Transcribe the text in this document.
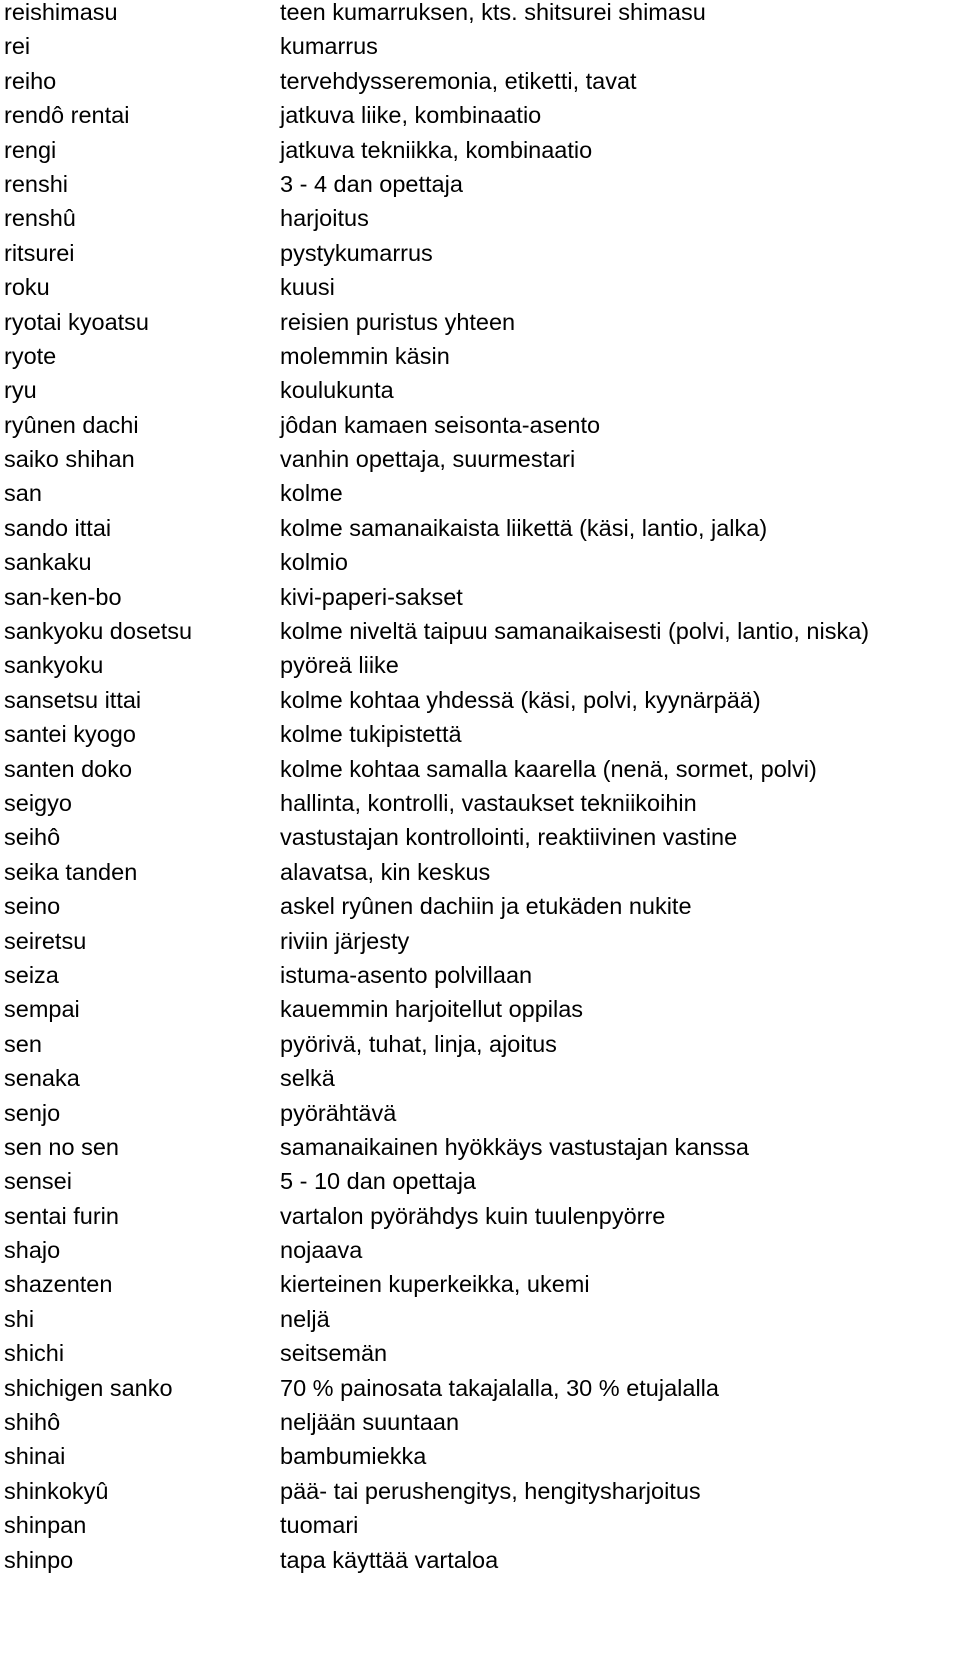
reishimasu	teen kumarruksen, kts. shitsurei shimasu
rei	kumarrus
reiho	tervehdysseremonia, etiketti, tavat
rendô rentai	jatkuva liike, kombinaatio
rengi	jatkuva tekniikka, kombinaatio
renshi	3 - 4 dan opettaja
renshû	harjoitus
ritsurei	pystykumarrus
roku	kuusi
ryotai kyoatsu	reisien puristus yhteen
ryote	molemmin käsin
ryu	koulukunta
ryûnen dachi	jôdan kamaen seisonta-asento
saiko shihan	vanhin opettaja, suurmestari
san	kolme
sando ittai	kolme samanaikaista liikettä (käsi, lantio, jalka)
sankaku	kolmio
san-ken-bo	kivi-paperi-sakset
sankyoku dosetsu	kolme niveltä taipuu samanaikaisesti (polvi, lantio, niska)
sankyoku	pyöreä liike
sansetsu ittai	kolme kohtaa yhdessä (käsi, polvi, kyynärpää)
santei kyogo	kolme tukipistettä
santen doko	kolme kohtaa samalla kaarella (nenä, sormet, polvi)
seigyo	hallinta, kontrolli, vastaukset tekniikoihin
seihô	vastustajan kontrollointi, reaktiivinen vastine
seika tanden	alavatsa, kin keskus
seino	askel ryûnen dachiin ja etukäden nukite
seiretsu	riviin järjesty
seiza	istuma-asento polvillaan
sempai	kauemmin harjoitellut oppilas
sen	pyörivä, tuhat, linja, ajoitus
senaka	selkä
senjo	pyörähtävä
sen no sen	samanaikainen hyökkäys vastustajan kanssa
sensei	5 - 10 dan opettaja
sentai furin	vartalon pyörähdys kuin tuulenpyörre
shajo	nojaava
shazenten	kierteinen kuperkeikka, ukemi
shi	neljä
shichi	seitsemän
shichigen sanko	70 % painosata takajalalla, 30 % etujalalla
shihô	neljään suuntaan
shinai	bambumiekka
shinkokyû	pää- tai perushengitys, hengitysharjoitus
shinpan	tuomari
shinpo	tapa käyttää vartaloa
